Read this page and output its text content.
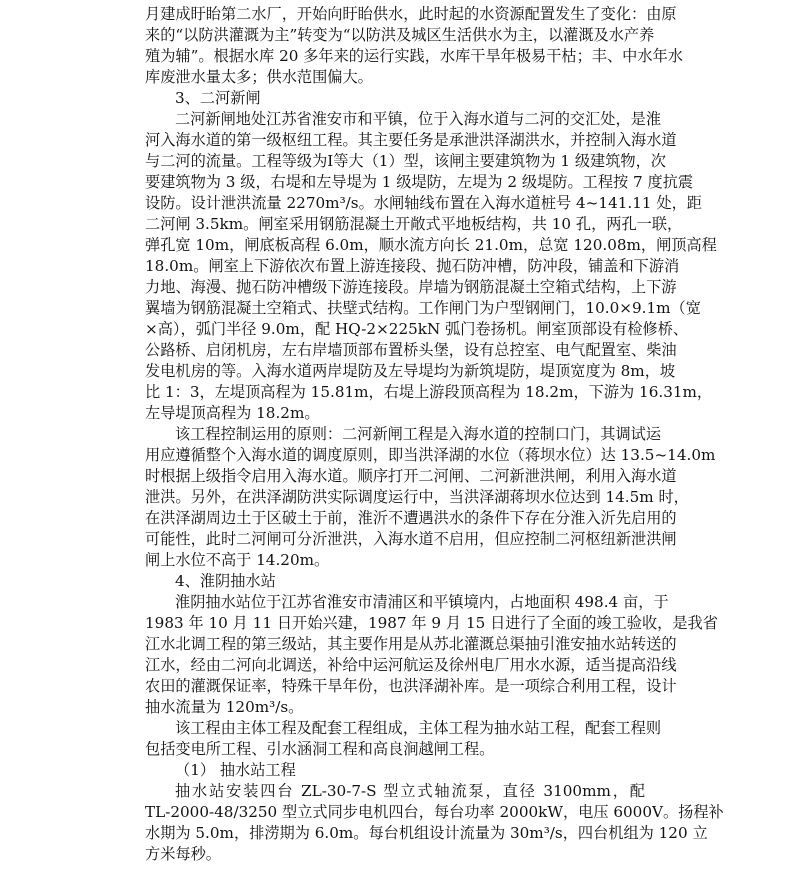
月建成盱眙第二水厂，开始向盱眙供水，此时起的水资源配置发生了变化：由原
来的“以防洪灌溉为主”转变为“以防洪及城区生活供水为主，以灌溉及水产养
殖为辅”。根据水库 20 多年来的运行实践，水库干旱年极易干枯；丰、中水年水
库废泄水量太多；供水范围偏大。
3、二河新闸
二河新闸地处江苏省淮安市和平镇，位于入海水道与二河的交汇处，是淮
河入海水道的第一级枢纽工程。其主要任务是承泄洪泽湖洪水，并控制入海水道
与二河的流量。工程等级为Ⅰ等大（1）型，该闸主要建筑物为 1 级建筑物，次
要建筑物为 3 级，右堤和左导堤为 1 级堤防，左堤为 2 级堤防。工程按 7 度抗震
设防。设计泄洪流量 2270m³/s。水闸轴线布置在入海水道桩号 4~141.11 处，距
二河闸 3.5km。闸室采用钢筋混凝土开敞式平地板结构，共 10 孔，两孔一联，
弹孔宽 10m，闸底板高程 6.0m，顺水流方向长 21.0m，总宽 120.08m，闸顶高程
18.0m。闸室上下游依次布置上游连接段、抛石防冲槽，防冲段，铺盖和下游消
力地、海漫、抛石防冲槽级下游连接段。岸墙为钢筋混凝土空箱式结构，上下游
翼墙为钢筋混凝土空箱式、扶壁式结构。工作闸门为户型钢闸门，10.0×9.1m（宽
×高），弧门半径 9.0m，配 HQ-2×225kN 弧门卷扬机。闸室顶部设有检修桥、
公路桥、启闭机房，左右岸墙顶部布置桥头堡，设有总控室、电气配置室、柴油
发电机房的等。入海水道两岸堤防及左导堤均为新筑堤防，堤顶宽度为 8m，坡
比 1：3，左堤顶高程为 15.81m，右堤上游段顶高程为 18.2m，下游为 16.31m，
左导堤顶高程为 18.2m。
该工程控制运用的原则：二河新闸工程是入海水道的控制口门，其调试运
用应遵循整个入海水道的调度原则，即当洪泽湖的水位（蒋坝水位）达 13.5~14.0m
时根据上级指令启用入海水道。顺序打开二河闸、二河新泄洪闸，利用入海水道
泄洪。另外，在洪泽湖防洪实际调度运行中，当洪泽湖蒋坝水位达到 14.5m 时，
在洪泽湖周边土于区破土于前，淮沂不遭遇洪水的条件下存在分淮入沂先启用的
可能性，此时二河闸可分沂泄洪，入海水道不启用，但应控制二河枢纽新泄洪闸
闸上水位不高于 14.20m。
4、淮阴抽水站
淮阴抽水站位于江苏省淮安市清浦区和平镇境内，占地面积 498.4 亩，于
1983 年 10 月 11 日开始兴建，1987 年 9 月 15 日进行了全面的竣工验收，是我省
江水北调工程的第三级站，其主要作用是从苏北灌溉总渠抽引淮安抽水站转送的
江水，经由二河向北调送，补给中运河航运及徐州电厂用水水源，适当提高沿线
农田的灌溉保证率，特殊干旱年份，也洪泽湖补库。是一项综合利用工程，设计
抽水流量为 120m³/s。
该工程由主体工程及配套工程组成，主体工程为抽水站工程，配套工程则
包括变电所工程、引水涵洞工程和高良涧越闸工程。
（1） 抽水站工程
抽水站安装四台 ZL-30-7-S 型立式轴流泵，直径 3100mm，配
TL-2000-48/3250 型立式同步电机四台，每台功率 2000kW，电压 6000V。扬程补
水期为 5.0m，排涝期为 6.0m。每台机组设计流量为 30m³/s，四台机组为 120 立
方米每秒。
